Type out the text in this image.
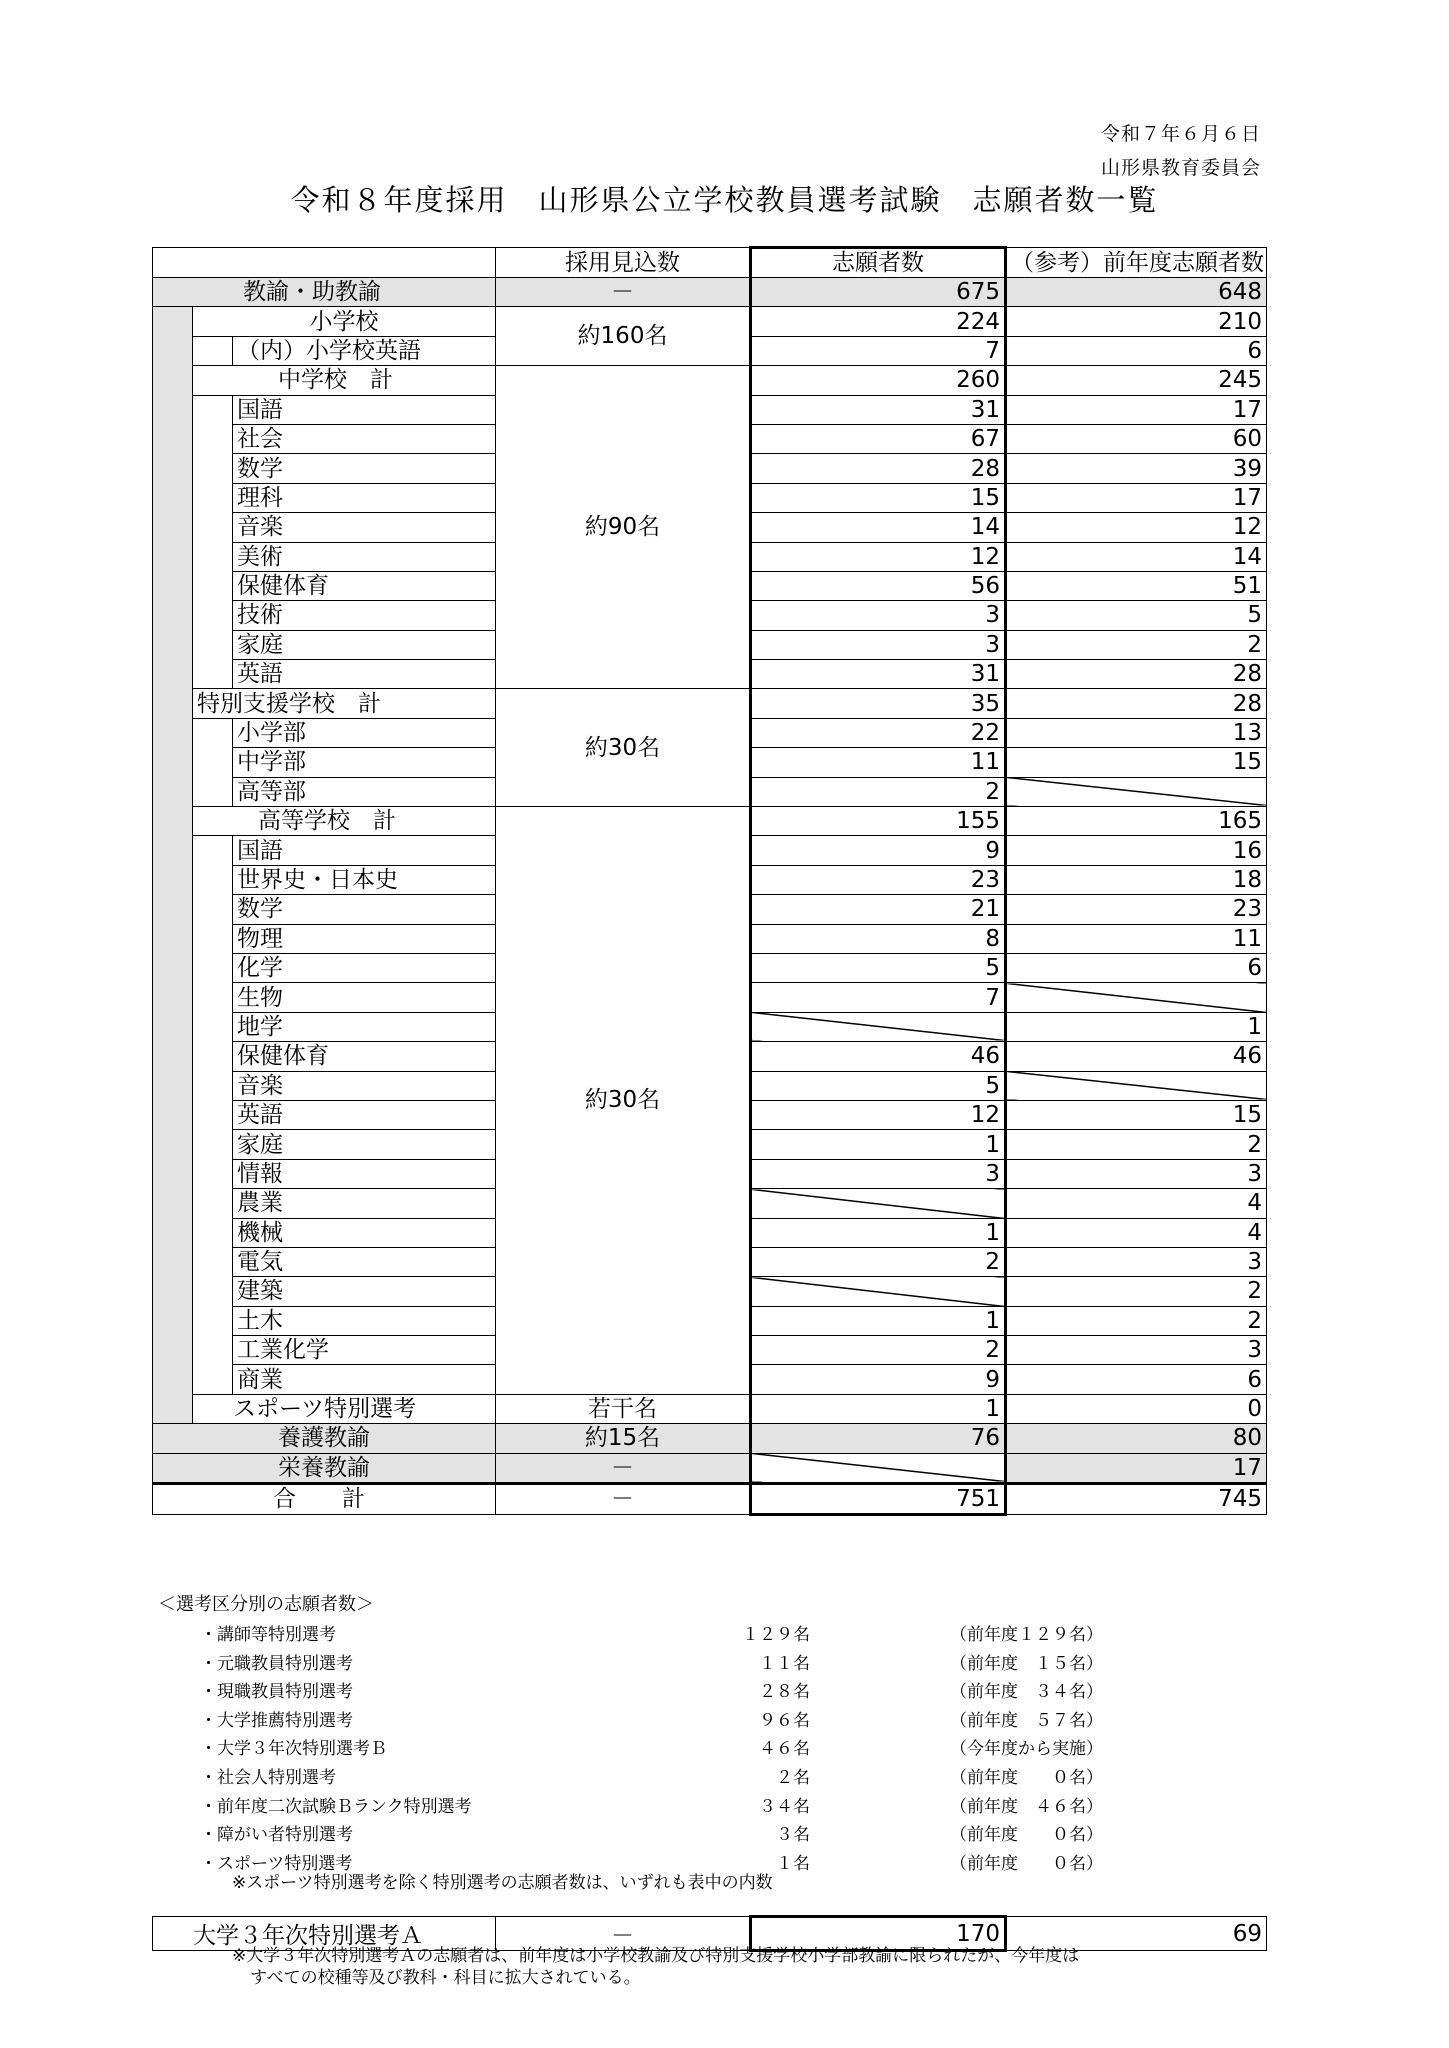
令和７年６月６日
山形県教育委員会
令和８年度採用　山形県公立学校教員選考試験　志願者数一覧
			採用見込数	志願者数	（参考）前年度志願者数
教諭・助教諭			－	675	648
	小学校		約160名	224	210
		（内）小学校英語		7	6
	中学校　計		約90名	260	245
		国語		31	17
		社会		67	60
		数学		28	39
		理科		15	17
		音楽		14	12
		美術		12	14
		保健体育		56	51
		技術		3	5
		家庭		3	2
		英語		31	28
	特別支援学校　計		約30名	35	28
		小学部		22	13
		中学部		11	15
		高等部		2	
	高等学校　計		約30名	155	165
		国語		9	16
		世界史・日本史		23	18
		数学		21	23
		物理		8	11
		化学		5	6
		生物		7	
		地学			1
		保健体育		46	46
		音楽		5	
		英語		12	15
		家庭		1	2
		情報		3	3
		農業			4
		機械		1	4
		電気		2	3
		建築			2
		土木		1	2
		工業化学		2	3
		商業		9	6
	スポーツ特別選考		若干名	1	0
養護教諭			約15名	76	80
栄養教諭			－		17
合　　計			－	751	745
＜選考区分別の志願者数＞
・講師等特別選考	１２９名	（前年度１２９名）
・元職教員特別選考	１１名	（前年度　１５名）
・現職教員特別選考	２８名	（前年度　３４名）
・大学推薦特別選考	９６名	（前年度　５７名）
・大学３年次特別選考Ｂ	４６名	（今年度から実施）
・社会人特別選考	２名	（前年度　　０名）
・前年度二次試験Ｂランク特別選考	３４名	（前年度　４６名）
・障がい者特別選考	３名	（前年度　　０名）
・スポーツ特別選考	１名	（前年度　　０名）
※スポーツ特別選考を除く特別選考の志願者数は、いずれも表中の内数
大学３年次特別選考Ａ	－	170	69
※大学３年次特別選考Ａの志願者は、前年度は小学校教諭及び特別支援学校小学部教諭に限られたが、今年度は
すべての校種等及び教科・科目に拡大されている。
